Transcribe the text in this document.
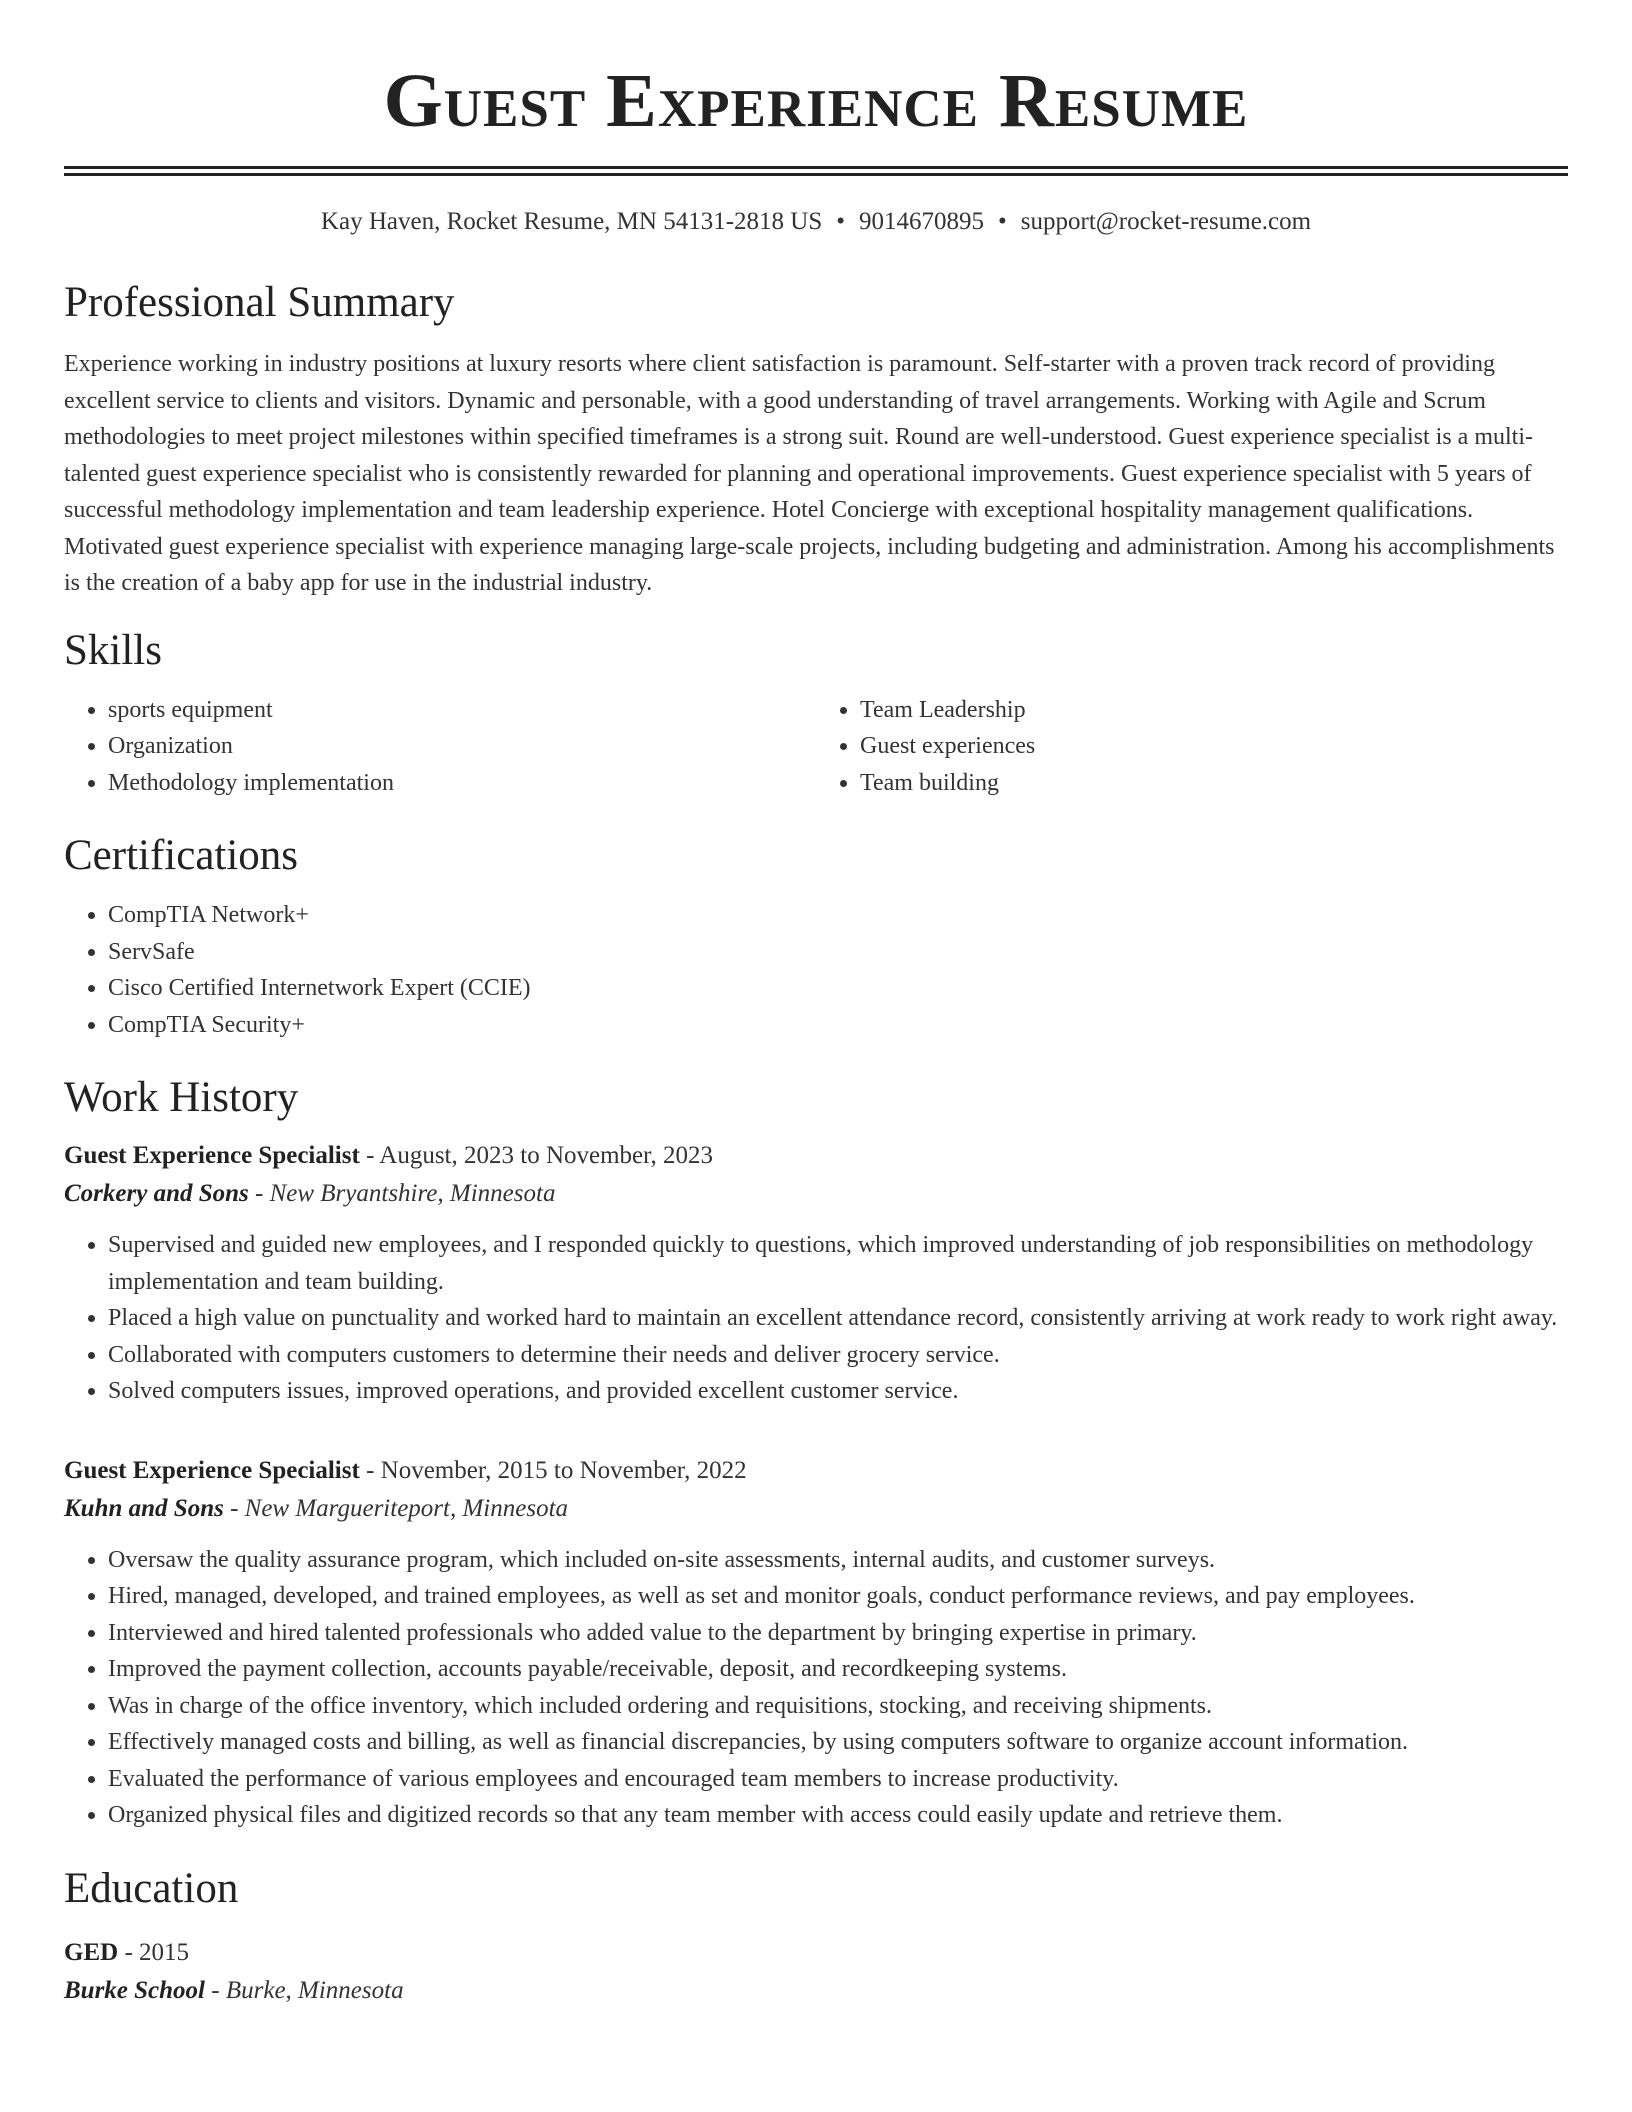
Guest Experience Resume
Kay Haven, Rocket Resume, MN 54131-2818 US • 9014670895 • support@rocket-resume.com
Professional Summary

Experience working in industry positions at luxury resorts where client satisfaction is paramount. Self-starter with a proven track record of providing excellent service to clients and visitors. Dynamic and personable, with a good understanding of travel arrangements. Working with Agile and Scrum methodologies to meet project milestones within specified timeframes is a strong suit. Round are well-understood. Guest experience specialist is a multi-talented guest experience specialist who is consistently rewarded for planning and operational improvements. Guest experience specialist with 5 years of successful methodology implementation and team leadership experience. Hotel Concierge with exceptional hospitality management qualifications. Motivated guest experience specialist with experience managing large-scale projects, including budgeting and administration. Among his accomplishments is the creation of a baby app for use in the industrial industry.

Skills
• sports equipment
• Organization
• Methodology implementation
• Team Leadership
• Guest experiences
• Team building
Certifications
• CompTIA Network+
• ServSafe
• Cisco Certified Internetwork Expert (CCIE)
• CompTIA Security+
Work History

Guest Experience Specialist - August, 2023 to November, 2023

Corkery and Sons - New Bryantshire, Minnesota

• Supervised and guided new employees, and I responded quickly to questions, which improved understanding of job responsibilities on methodology implementation and team building.
• Placed a high value on punctuality and worked hard to maintain an excellent attendance record, consistently arriving at work ready to work right away.
• Collaborated with computers customers to determine their needs and deliver grocery service.
• Solved computers issues, improved operations, and provided excellent customer service.

Guest Experience Specialist - November, 2015 to November, 2022

Kuhn and Sons - New Margueriteport, Minnesota

• Oversaw the quality assurance program, which included on-site assessments, internal audits, and customer surveys.
• Hired, managed, developed, and trained employees, as well as set and monitor goals, conduct performance reviews, and pay employees.
• Interviewed and hired talented professionals who added value to the department by bringing expertise in primary.
• Improved the payment collection, accounts payable/receivable, deposit, and recordkeeping systems.
• Was in charge of the office inventory, which included ordering and requisitions, stocking, and receiving shipments.
• Effectively managed costs and billing, as well as financial discrepancies, by using computers software to organize account information.
• Evaluated the performance of various employees and encouraged team members to increase productivity.
• Organized physical files and digitized records so that any team member with access could easily update and retrieve them.
Education

GED - 2015

Burke School - Burke, Minnesota
